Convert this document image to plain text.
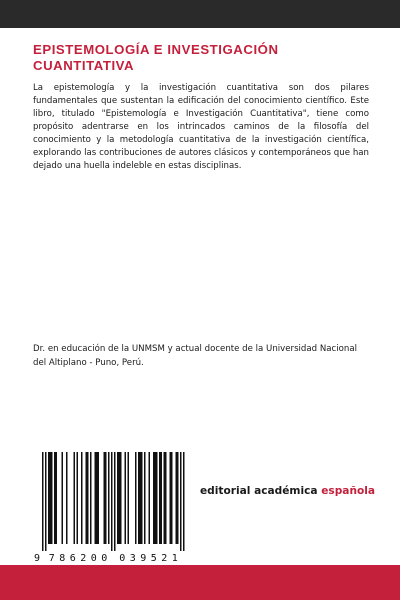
EPISTEMOLOGÍA E INVESTIGACIÓN CUANTITATIVA

La epistemología y la investigación cuantitativa son dos pilares fundamentales que sustentan la edificación del conocimiento científico. Este libro, titulado "Epistemología e Investigación Cuantitativa", tiene como propósito adentrarse en los intrincados caminos de la filosofía del conocimiento y la metodología cuantitativa de la investigación científica, explorando las contribuciones de autores clásicos y contemporáneos que han dejado una huella indeleble en estas disciplinas.

Dr. en educación de la UNMSM y actual docente de la Universidad Nacional del Altiplano - Puno, Perú.

9 7 8 6 2 0 0 0 3 9 5 2 1

editorial académica española
